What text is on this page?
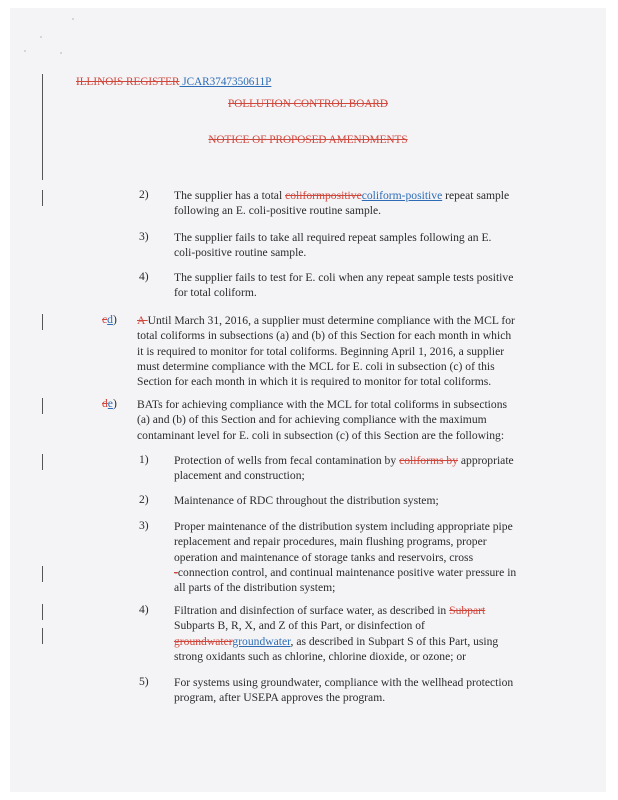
ILLINOIS REGISTER JCAR3747350611P
POLLUTION CONTROL BOARD
NOTICE OF PROPOSED AMENDMENTS
2) The supplier has a total coliformpositivecoliform-positive repeat sample
following an E. coli-positive routine sample.
3) The supplier fails to take all required repeat samples following an E.
coli-positive routine sample.
4) The supplier fails to test for E. coli when any repeat sample tests positive
for total coliform.
cd) A Until March 31, 2016, a supplier must determine compliance with the MCL for
total coliforms in subsections (a) and (b) of this Section for each month in which
it is required to monitor for total coliforms. Beginning April 1, 2016, a supplier
must determine compliance with the MCL for E. coli in subsection (c) of this
Section for each month in which it is required to monitor for total coliforms.
de) BATs for achieving compliance with the MCL for total coliforms in subsections
(a) and (b) of this Section and for achieving compliance with the maximum
contaminant level for E. coli in subsection (c) of this Section are the following:
1) Protection of wells from fecal contamination by coliforms by appropriate
placement and construction;
2) Maintenance of RDC throughout the distribution system;
3) Proper maintenance of the distribution system including appropriate pipe
replacement and repair procedures, main flushing programs, proper
operation and maintenance of storage tanks and reservoirs, cross
-connection control, and continual maintenance positive water pressure in
all parts of the distribution system;
4) Filtration and disinfection of surface water, as described in Subpart
Subparts B, R, X, and Z of this Part, or disinfection of
groundwatergroundwater, as described in Subpart S of this Part, using
strong oxidants such as chlorine, chlorine dioxide, or ozone; or
5) For systems using groundwater, compliance with the wellhead protection
program, after USEPA approves the program.
